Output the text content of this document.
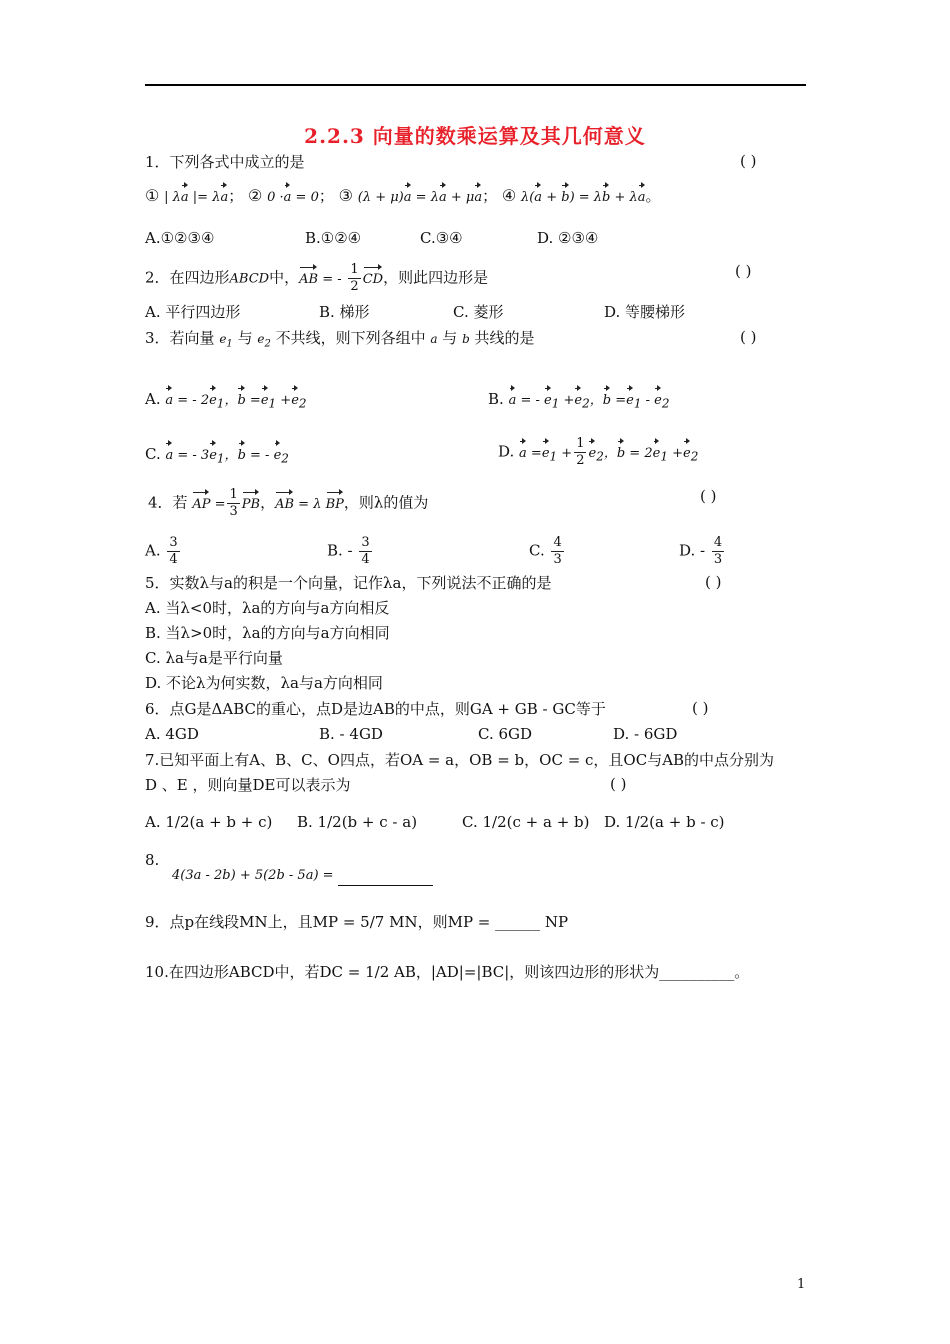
2.2.3 向量的数乘运算及其几何意义
1．下列各式中成立的是	( )
① | λa |= λa； ② 0 ·a = 0； ③ (λ + μ)a = λa + μa； ④ λ(a + b) = λb + λa。
A.①②③④	B.①②④	C.③④	D. ②③④
2．在四边形ABCD中，AB = - $\frac{1}{2}$ CD，则此四边形是	( )
A. 平行四边形	B. 梯形	C. 菱形	D. 等腰梯形
3．若向量 $e_1$ 与 $e_2$ 不共线，则下列各组中 a 与 b 共线的是	( )
A. a = - $2e_1$，$b =e_1 +e_2$	B. a = - $e_1 +e_2$，$b =e_1 - e_2$
C. a = - $3e_1$，b = - $e_2$	D. $a =e_1 + \frac{1}{2} e_2$，$b = 2e_1 +e_2$
4．若 AP = $\frac{1}{3}$ PB，AB = λ BP，则λ的值为	( )
A. $\frac{3}{4}$	B. - $\frac{3}{4}$	C. $\frac{4}{3}$	D. - $\frac{4}{3}$
5．实数λ与a的积是一个向量，记作λa，下列说法不正确的是	( )
A. 当λ<0时，λa的方向与a方向相反
B. 当λ>0时，λa的方向与a方向相同
C. λa与a是平行向量
D. 不论λ为何实数，λa与a方向相同
6．点G是ΔABC的重心，点D是边AB的中点，则GA + GB - GC等于	( )
A. 4GD	B. - 4GD	C. 6GD	D. - 6GD
7.已知平面上有A、B、C、O四点，若OA = a，OB = b，OC = c，且OC与AB的中点分别为
D 、E ，则向量DE可以表示为	( )
A. 1/2(a + b + c) B. 1/2(b + c - a)	C. 1/2(c + a + b) D. 1/2(a + b - c)
8.
4(3a - 2b) + 5(2b - 5a) =
9．点p在线段MN上，且MP = 5/7 MN，则MP = ______ NP
10.在四边形ABCD中，若DC = 1/2 AB，|AD|=|BC|，则该四边形的形状为__________。
1
